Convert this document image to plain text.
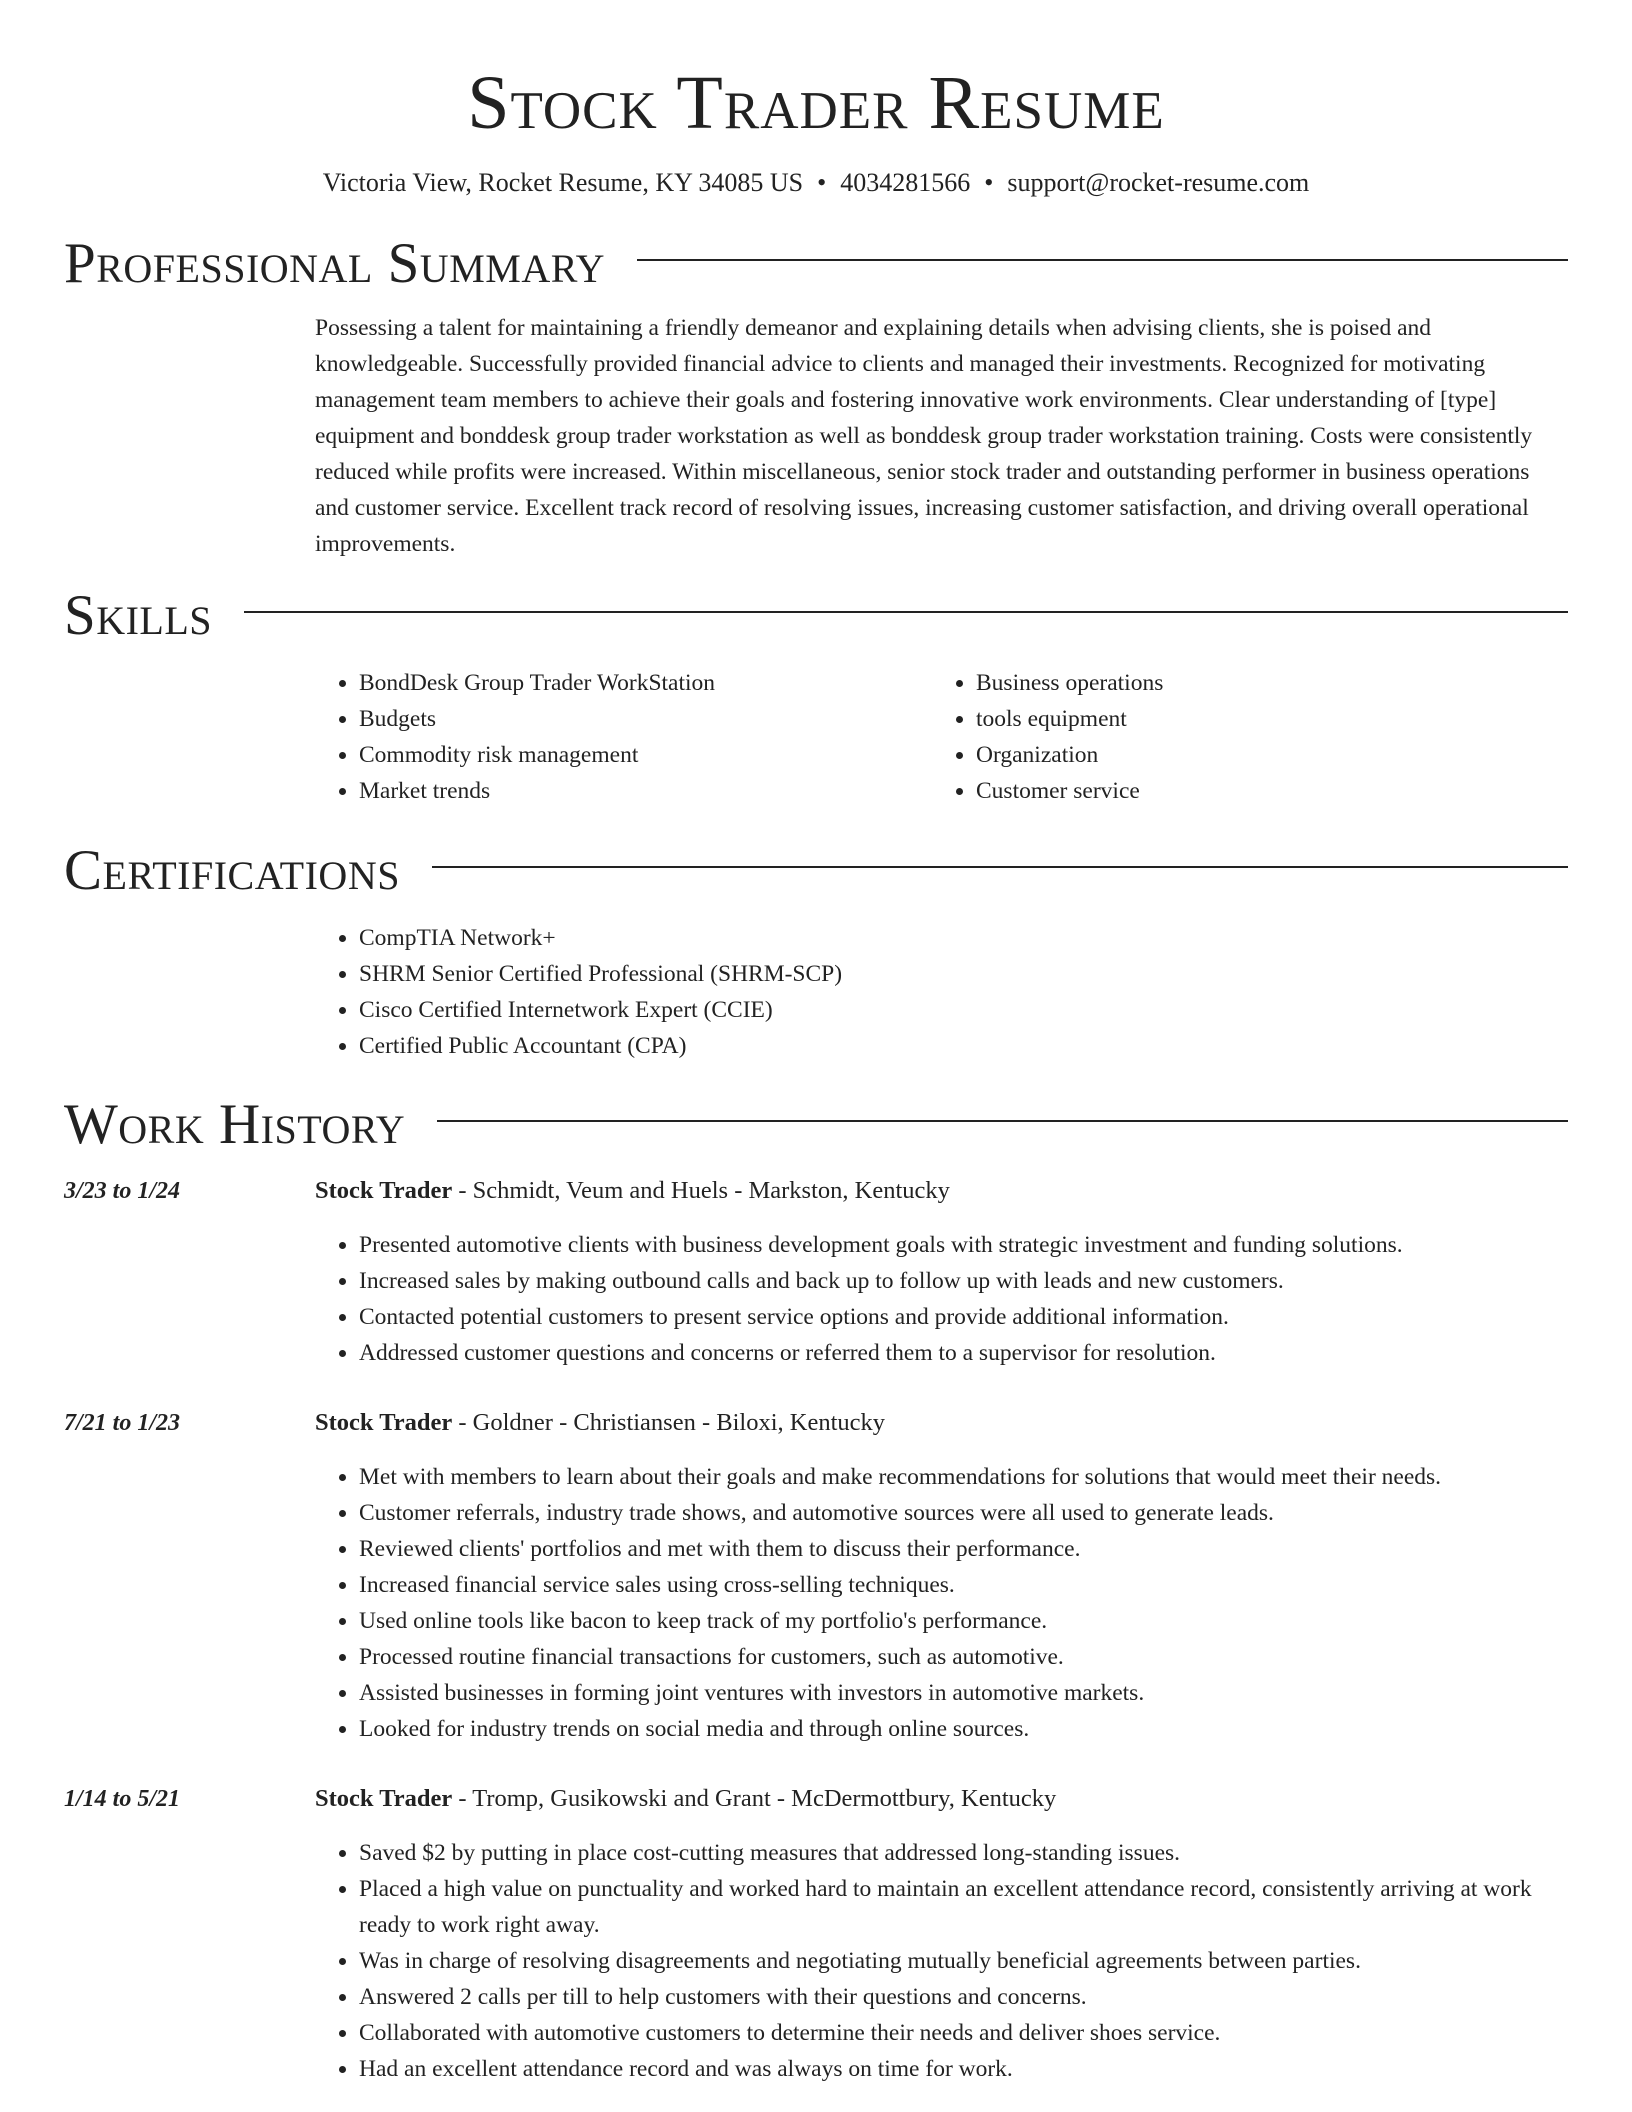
Stock Trader Resume
Victoria View, Rocket Resume, KY 34085 US • 4034281566 • support@rocket-resume.com
Professional Summary

Possessing a talent for maintaining a friendly demeanor and explaining details when advising clients, she is poised and knowledgeable. Successfully provided financial advice to clients and managed their investments. Recognized for motivating management team members to achieve their goals and fostering innovative work environments. Clear understanding of [type] equipment and bonddesk group trader workstation as well as bonddesk group trader workstation training. Costs were consistently reduced while profits were increased. Within miscellaneous, senior stock trader and outstanding performer in business operations and customer service. Excellent track record of resolving issues, increasing customer satisfaction, and driving overall operational improvements.

Skills
• BondDesk Group Trader WorkStation
• Budgets
• Commodity risk management
• Market trends
• Business operations
• tools equipment
• Organization
• Customer service
Certifications
• CompTIA Network+
• SHRM Senior Certified Professional (SHRM-SCP)
• Cisco Certified Internetwork Expert (CCIE)
• Certified Public Accountant (CPA)
Work History
3/23 to 1/24	Stock Trader - Schmidt, Veum and Huels - Markston, Kentucky
• Presented automotive clients with business development goals with strategic investment and funding solutions.
• Increased sales by making outbound calls and back up to follow up with leads and new customers.
• Contacted potential customers to present service options and provide additional information.
• Addressed customer questions and concerns or referred them to a supervisor for resolution.
7/21 to 1/23	Stock Trader - Goldner - Christiansen - Biloxi, Kentucky
• Met with members to learn about their goals and make recommendations for solutions that would meet their needs.
• Customer referrals, industry trade shows, and automotive sources were all used to generate leads.
• Reviewed clients' portfolios and met with them to discuss their performance.
• Increased financial service sales using cross-selling techniques.
• Used online tools like bacon to keep track of my portfolio's performance.
• Processed routine financial transactions for customers, such as automotive.
• Assisted businesses in forming joint ventures with investors in automotive markets.
• Looked for industry trends on social media and through online sources.
1/14 to 5/21	Stock Trader - Tromp, Gusikowski and Grant - McDermottbury, Kentucky
• Saved $2 by putting in place cost-cutting measures that addressed long-standing issues.
• Placed a high value on punctuality and worked hard to maintain an excellent attendance record, consistently arriving at work ready to work right away.
• Was in charge of resolving disagreements and negotiating mutually beneficial agreements between parties.
• Answered 2 calls per till to help customers with their questions and concerns.
• Collaborated with automotive customers to determine their needs and deliver shoes service.
• Had an excellent attendance record and was always on time for work.
